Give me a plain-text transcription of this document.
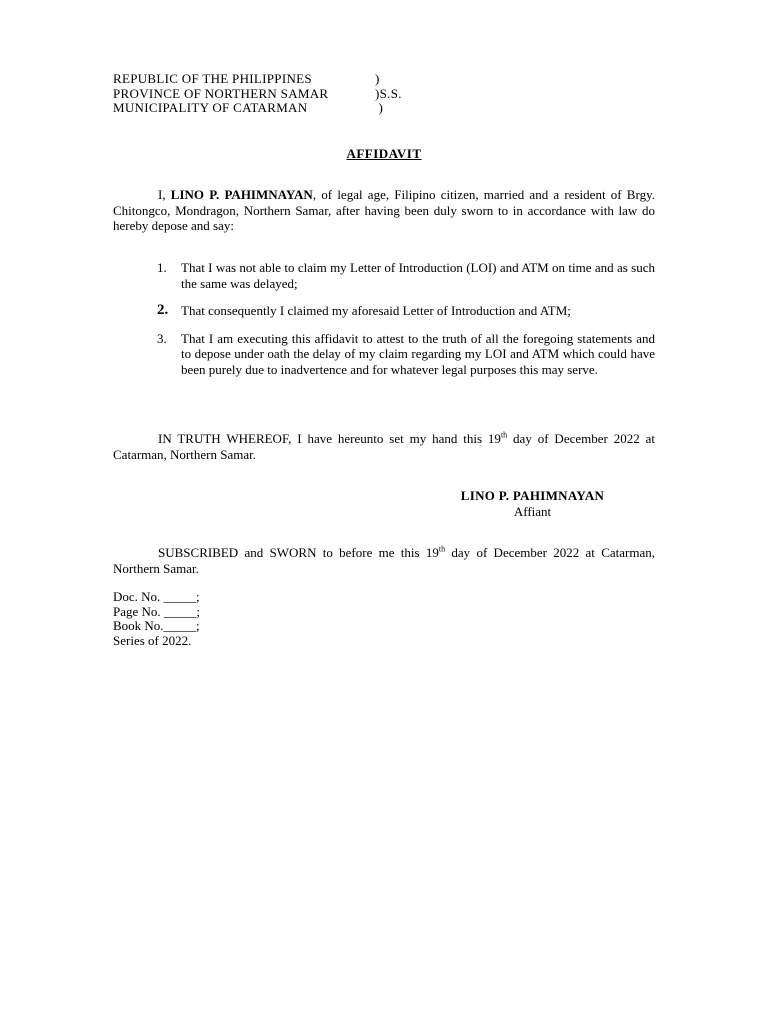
REPUBLIC OF THE PHILIPPINES	)
PROVINCE OF NORTHERN SAMAR	)S.S.
MUNICIPALITY OF CATARMAN	)
AFFIDAVIT
I, LINO P. PAHIMNAYAN, of legal age, Filipino citizen, married and a resident of Brgy. Chitongco, Mondragon, Northern Samar, after having been duly sworn to in accordance with law do hereby depose and say:
1.	That I was not able to claim my Letter of Introduction (LOI) and ATM on time and as such the same was delayed;
2. That consequently I claimed my aforesaid Letter of Introduction and ATM;
3.	That I am executing this affidavit to attest to the truth of all the foregoing statements and to depose under oath the delay of my claim regarding my LOI and ATM which could have been purely due to inadvertence and for whatever legal purposes this may serve.
IN TRUTH WHEREOF, I have hereunto set my hand this 19th day of December 2022 at Catarman, Northern Samar.
LINO P. PAHIMNAYAN
Affiant
SUBSCRIBED and SWORN to before me this 19th day of December 2022 at Catarman, Northern Samar.
Doc. No. _____;
Page No. _____;
Book No._____;
Series of 2022.
